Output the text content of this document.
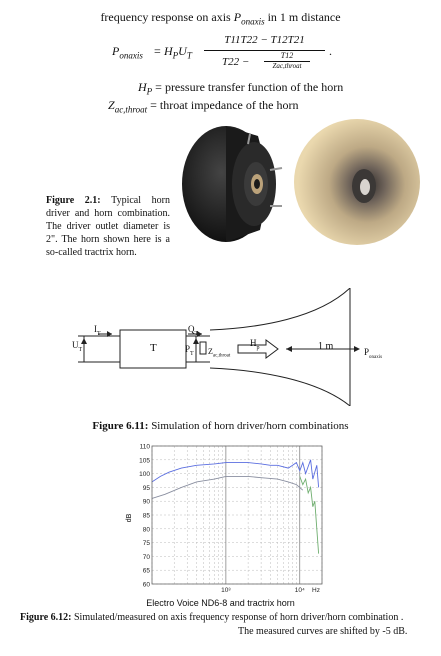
frequency response on axis $P_{onaxis}$ in 1 m distance
$P_{onaxis} = H_PU_T$
T11T22 − T12T21
T22 −
T12
Zac,throat
.
$H_P$ = pressure transfer function of the horn
$Z_{ac,throat}$ = throat impedance of the horn
Figure 2.1: Typical horn driver and horn combination. The driver outlet diameter is 2". The horn shown here is a so-called tractrix horn.
$I_T$
$U_T$	T
$Q_T$
$P_T$ $Z_{ac,throat}$
$H_p$	1 m	$P_{onaxis}$
Figure 6.11: Simulation of horn driver/horn combinations
60
65
70
75
80
85
90
95
100
105
110
10³	10⁴ Hz
dB
Electro Voice ND6-8 and tractrix horn
Figure 6.12: Simulated/measured on axis frequency response of horn driver/horn combination .
The measured curves are shifted by -5 dB.
